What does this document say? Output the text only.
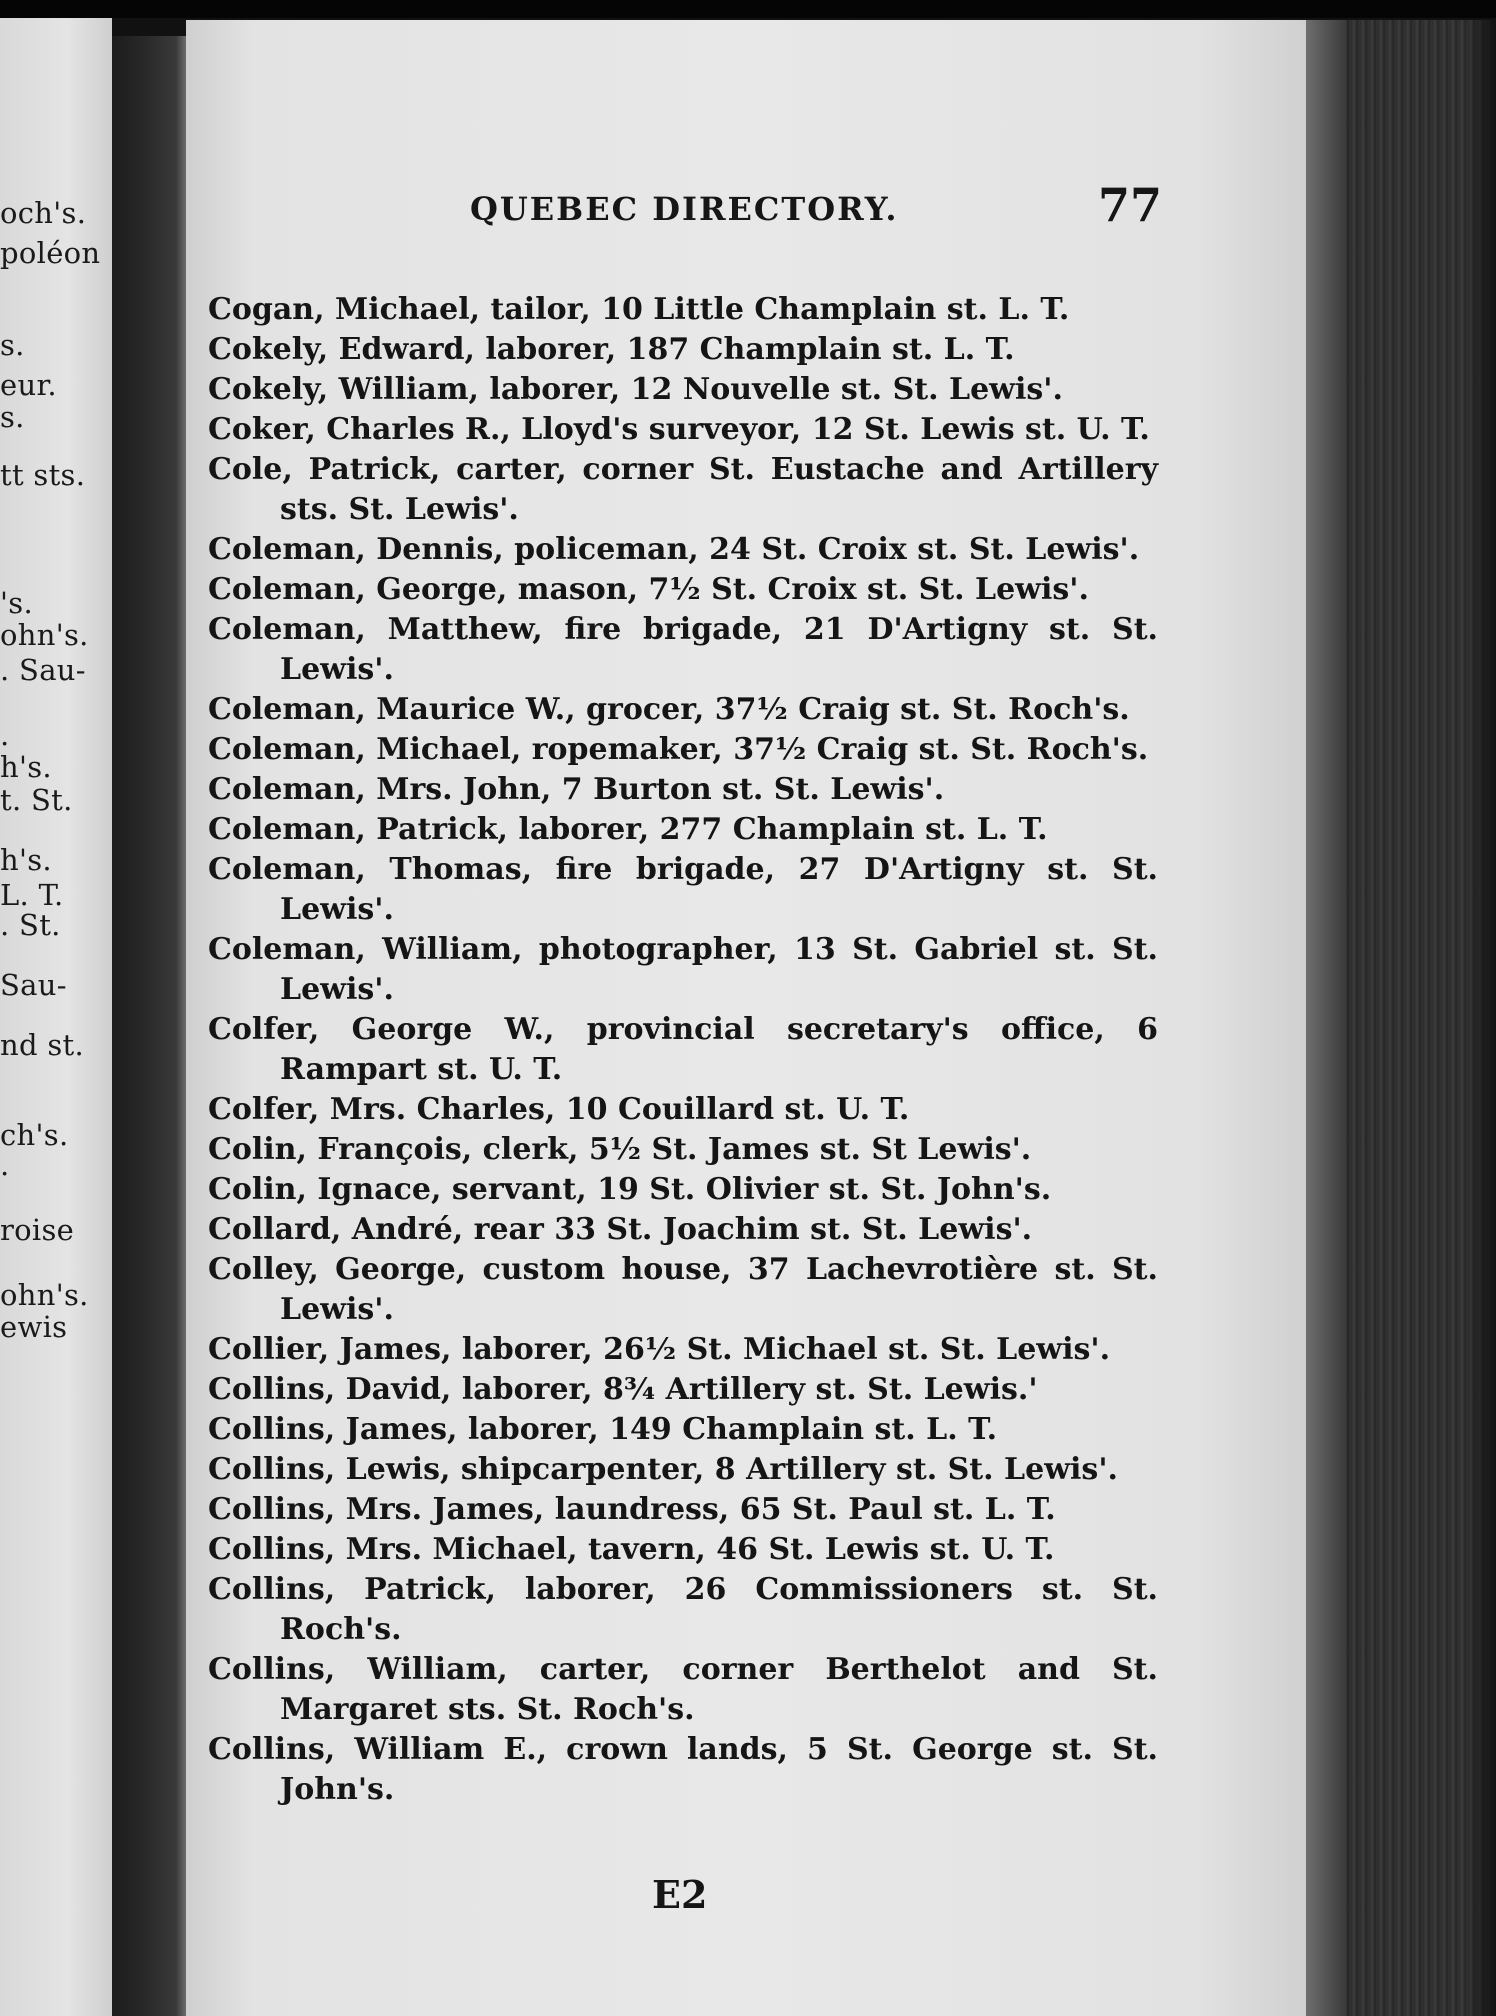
och's.
poléon
s.
eur.
s.
tt sts.
's.
ohn's.
. Sau-
.
h's.
t. St.
h's.
L. T.
. St.
Sau-
nd st.
ch's.
.
roise
ohn's.
ewis
QUEBEC DIRECTORY.	77

Cogan, Michael, tailor, 10 Little Champlain st. L. T.

Cokely, Edward, laborer, 187 Champlain st. L. T.

Cokely, William, laborer, 12 Nouvelle st. St. Lewis'.

Coker, Charles R., Lloyd's surveyor, 12 St. Lewis st. U. T.

Cole, Patrick, carter, corner St. Eustache and Artillery sts. St. Lewis'.

Coleman, Dennis, policeman, 24 St. Croix st. St. Lewis'.

Coleman, George, mason, 7½ St. Croix st. St. Lewis'.

Coleman, Matthew, fire brigade, 21 D'Artigny st. St. Lewis'.

Coleman, Maurice W., grocer, 37½ Craig st. St. Roch's.

Coleman, Michael, ropemaker, 37½ Craig st. St. Roch's.

Coleman, Mrs. John, 7 Burton st. St. Lewis'.

Coleman, Patrick, laborer, 277 Champlain st. L. T.

Coleman, Thomas, fire brigade, 27 D'Artigny st. St. Lewis'.

Coleman, William, photographer, 13 St. Gabriel st. St. Lewis'.

Colfer, George W., provincial secretary's office, 6 Rampart st. U. T.

Colfer, Mrs. Charles, 10 Couillard st. U. T.

Colin, François, clerk, 5½ St. James st. St Lewis'.

Colin, Ignace, servant, 19 St. Olivier st. St. John's.

Collard, André, rear 33 St. Joachim st. St. Lewis'.

Colley, George, custom house, 37 Lachevrotière st. St. Lewis'.

Collier, James, laborer, 26½ St. Michael st. St. Lewis'.

Collins, David, laborer, 8¾ Artillery st. St. Lewis.'

Collins, James, laborer, 149 Champlain st. L. T.

Collins, Lewis, shipcarpenter, 8 Artillery st. St. Lewis'.

Collins, Mrs. James, laundress, 65 St. Paul st. L. T.

Collins, Mrs. Michael, tavern, 46 St. Lewis st. U. T.

Collins, Patrick, laborer, 26 Commissioners st. St. Roch's.

Collins, William, carter, corner Berthelot and St. Margaret sts. St. Roch's.

Collins, William E., crown lands, 5 St. George st. St. John's.

E2
